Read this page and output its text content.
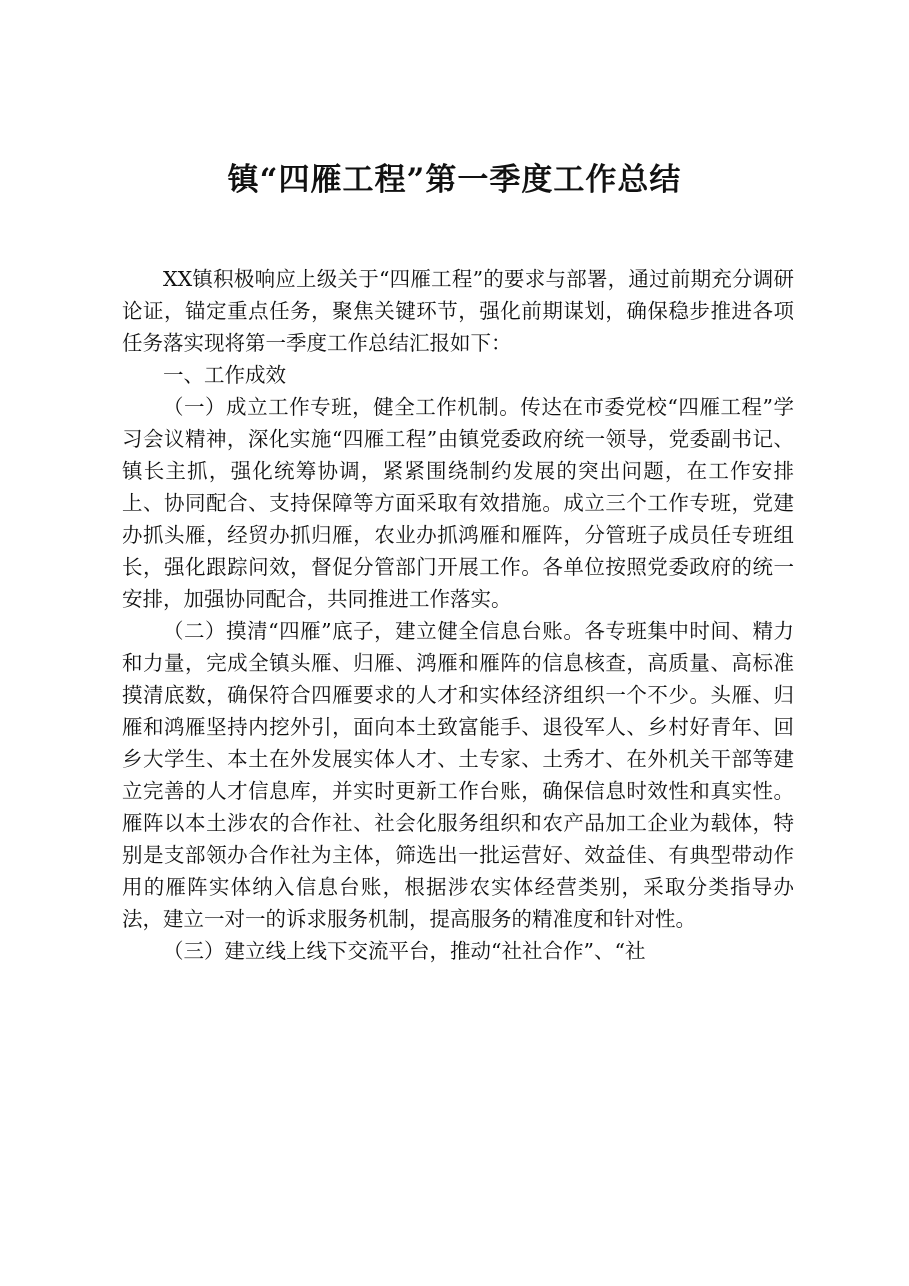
镇“四雁工程”第一季度工作总结

XX镇积极响应上级关于“四雁工程”的要求与部署，通过前期充分调研论证，锚定重点任务，聚焦关键环节，强化前期谋划，确保稳步推进各项任务落实现将第一季度工作总结汇报如下：

一、工作成效

（一）成立工作专班，健全工作机制。传达在市委党校“四雁工程”学习会议精神，深化实施“四雁工程”由镇党委政府统一领导，党委副书记、镇长主抓，强化统筹协调，紧紧围绕制约发展的突出问题，在工作安排上、协同配合、支持保障等方面采取有效措施。成立三个工作专班，党建办抓头雁，经贸办抓归雁，农业办抓鸿雁和雁阵，分管班子成员任专班组长，强化跟踪问效，督促分管部门开展工作。各单位按照党委政府的统一安排，加强协同配合，共同推进工作落实。

（二）摸清“四雁”底子，建立健全信息台账。各专班集中时间、精力和力量，完成全镇头雁、归雁、鸿雁和雁阵的信息核查，高质量、高标准摸清底数，确保符合四雁要求的人才和实体经济组织一个不少。头雁、归雁和鸿雁坚持内挖外引，面向本土致富能手、退役军人、乡村好青年、回乡大学生、本土在外发展实体人才、土专家、土秀才、在外机关干部等建立完善的人才信息库，并实时更新工作台账，确保信息时效性和真实性。雁阵以本土涉农的合作社、社会化服务组织和农产品加工企业为载体，特别是支部领办合作社为主体，筛选出一批运营好、效益佳、有典型带动作用的雁阵实体纳入信息台账，根据涉农实体经营类别，采取分类指导办法，建立一对一的诉求服务机制，提高服务的精准度和针对性。

（三）建立线上线下交流平台，推动“社社合作”、“社
